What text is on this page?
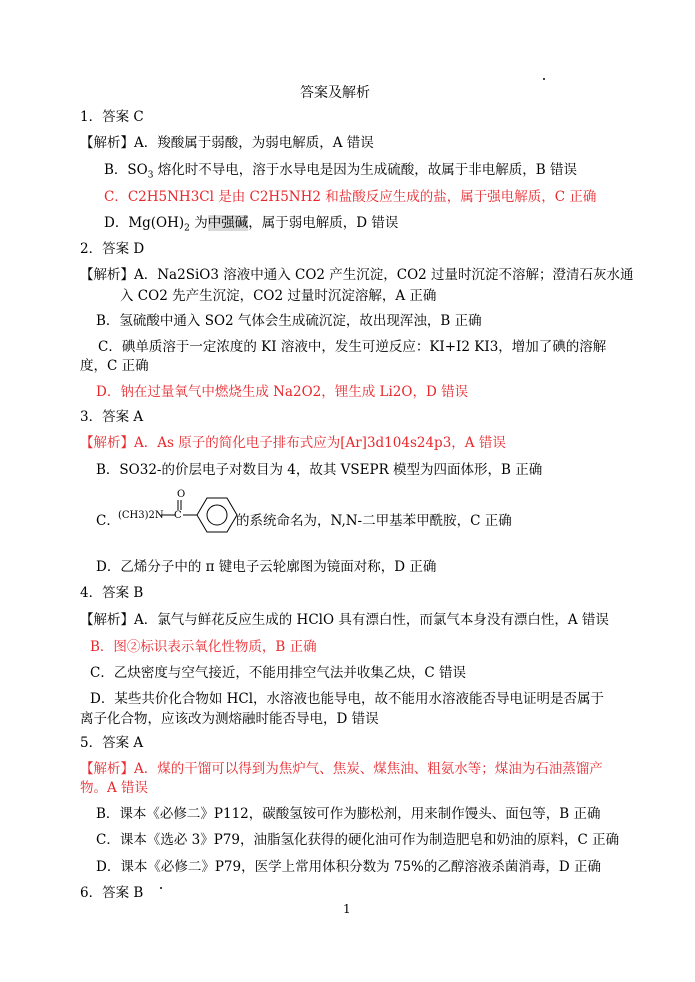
答案及解析
1．答案 C
【解析】A．羧酸属于弱酸，为弱电解质，A 错误
B．$SO_3$ 熔化时不导电，溶于水导电是因为生成硫酸，故属于非电解质，B 错误
C．C2H5NH3Cl 是由 C2H5NH2 和盐酸反应生成的盐，属于强电解质，C 正确
D．$Mg(OH)_2$ 为中强碱，属于弱电解质，D 错误
2．答案 D
【解析】A．Na2SiO3 溶液中通入 CO2 产生沉淀，CO2 过量时沉淀不溶解；澄清石灰水通
入 CO2 先产生沉淀，CO2 过量时沉淀溶解，A 正确
B．氢硫酸中通入 SO2 气体会生成硫沉淀，故出现浑浊，B 正确
C．碘单质溶于一定浓度的 KI 溶液中，发生可逆反应：KI+I2 KI3，增加了碘的溶解
度，C 正确
D．钠在过量氧气中燃烧生成 Na2O2，锂生成 Li2O，D 错误
3．答案 A
【解析】A．As 原子的简化电子排布式应为[Ar]3d104s24p3，A 错误
B．SO32-的价层电子对数目为 4，故其 VSEPR 模型为四面体形，B 正确
C．
O
(CH3)2N C	的系统命名为，N,N-二甲基苯甲酰胺，C 正确
D．乙烯分子中的 π 键电子云轮廓图为镜面对称，D 正确
4．答案 B
【解析】A．氯气与鲜花反应生成的 HClO 具有漂白性，而氯气本身没有漂白性，A 错误
B．图②标识表示氧化性物质，B 正确
C．乙炔密度与空气接近，不能用排空气法并收集乙炔，C 错误
D．某些共价化合物如 HCl，水溶液也能导电，故不能用水溶液能否导电证明是否属于
离子化合物，应该改为测熔融时能否导电，D 错误
5．答案 A
【解析】A．煤的干馏可以得到为焦炉气、焦炭、煤焦油、粗氨水等；煤油为石油蒸馏产
物。A 错误
B．课本《必修二》P112，碳酸氢铵可作为膨松剂，用来制作馒头、面包等，B 正确
C．课本《选必 3》P79，油脂氢化获得的硬化油可作为制造肥皂和奶油的原料，C 正确
D．课本《必修二》P79，医学上常用体积分数为 75%的乙醇溶液杀菌消毒，D 正确
6．答案 B
1
